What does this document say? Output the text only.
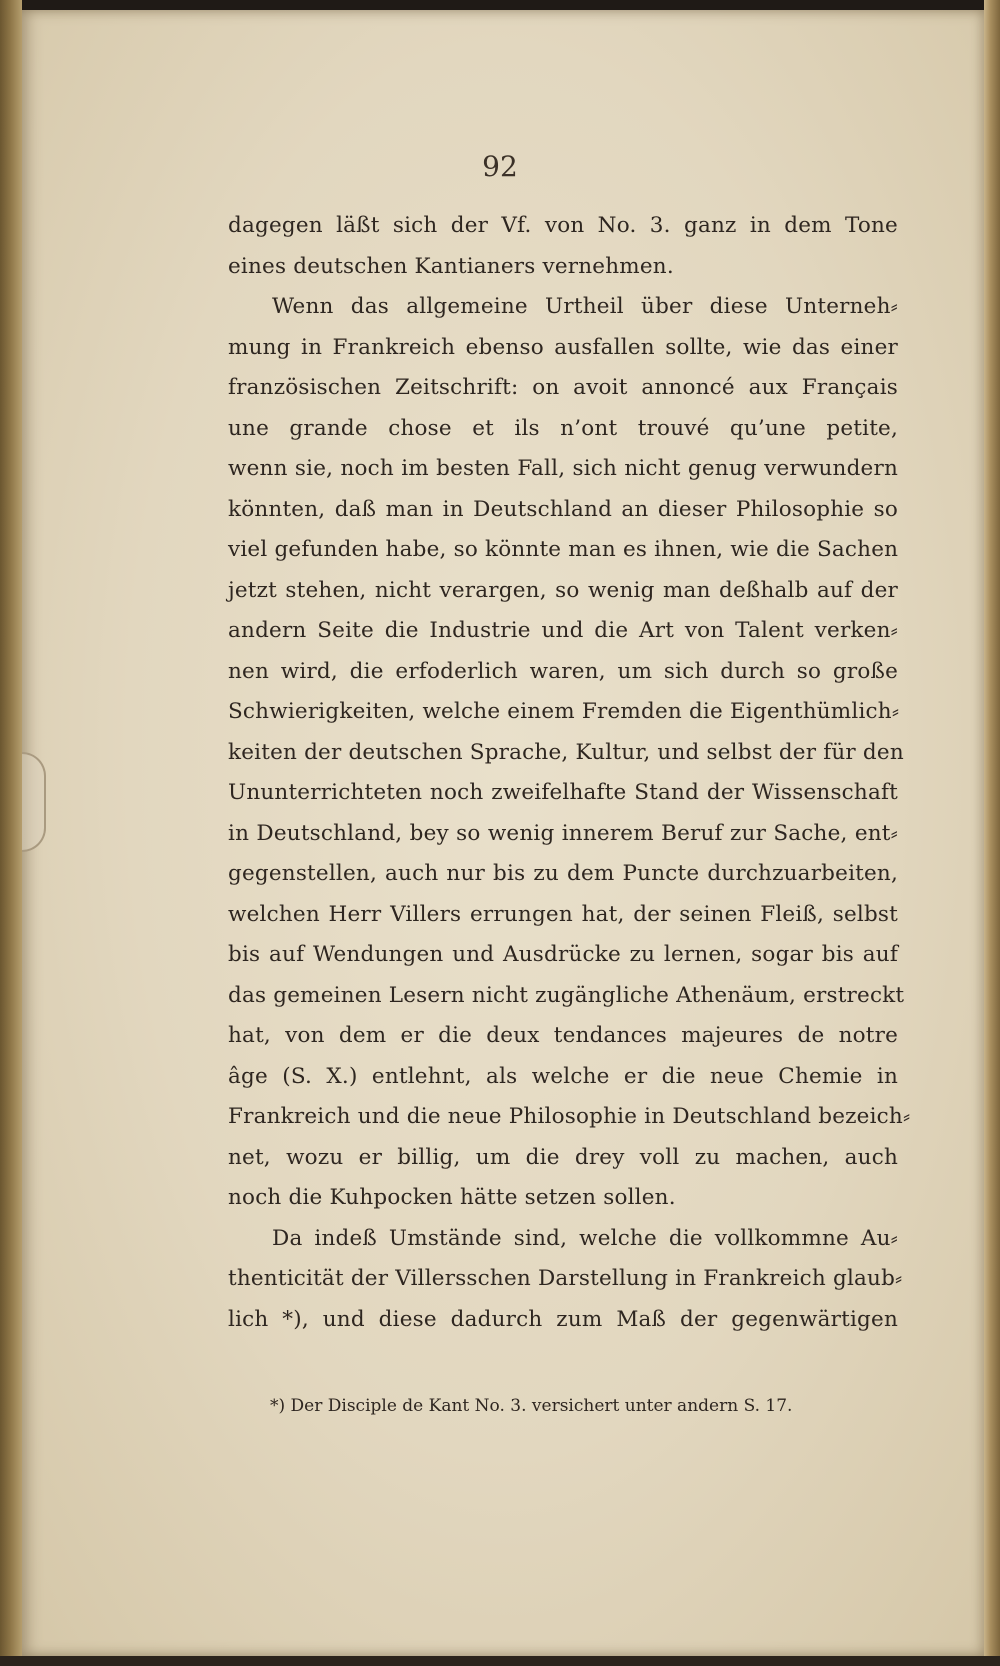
92
dagegen läßt sich der Vf. von No. 3. ganz in dem Tone
eines deutschen Kantianers vernehmen.
Wenn das allgemeine Urtheil über diese Unterneh⸗
mung in Frankreich ebenso ausfallen sollte, wie das einer
französischen Zeitschrift: on avoit annoncé aux Français
une grande chose et ils n’ont trouvé qu’une petite,
wenn sie, noch im besten Fall, sich nicht genug verwundern
könnten, daß man in Deutschland an dieser Philosophie so
viel gefunden habe, so könnte man es ihnen, wie die Sachen
jetzt stehen, nicht verargen, so wenig man deßhalb auf der
andern Seite die Industrie und die Art von Talent verken⸗
nen wird, die erfoderlich waren, um sich durch so große
Schwierigkeiten, welche einem Fremden die Eigenthümlich⸗
keiten der deutschen Sprache, Kultur, und selbst der für den
Ununterrichteten noch zweifelhafte Stand der Wissenschaft
in Deutschland, bey so wenig innerem Beruf zur Sache, ent⸗
gegenstellen, auch nur bis zu dem Puncte durchzuarbeiten,
welchen Herr Villers errungen hat, der seinen Fleiß, selbst
bis auf Wendungen und Ausdrücke zu lernen, sogar bis auf
das gemeinen Lesern nicht zugängliche Athenäum, erstreckt
hat, von dem er die deux tendances majeures de notre
âge (S. X.) entlehnt, als welche er die neue Chemie in
Frankreich und die neue Philosophie in Deutschland bezeich⸗
net, wozu er billig, um die drey voll zu machen, auch
noch die Kuhpocken hätte setzen sollen.
Da indeß Umstände sind, welche die vollkommne Au⸗
thenticität der Villersschen Darstellung in Frankreich glaub⸗
lich *), und diese dadurch zum Maß der gegenwärtigen
*) Der Disciple de Kant No. 3. versichert unter andern S. 17.
